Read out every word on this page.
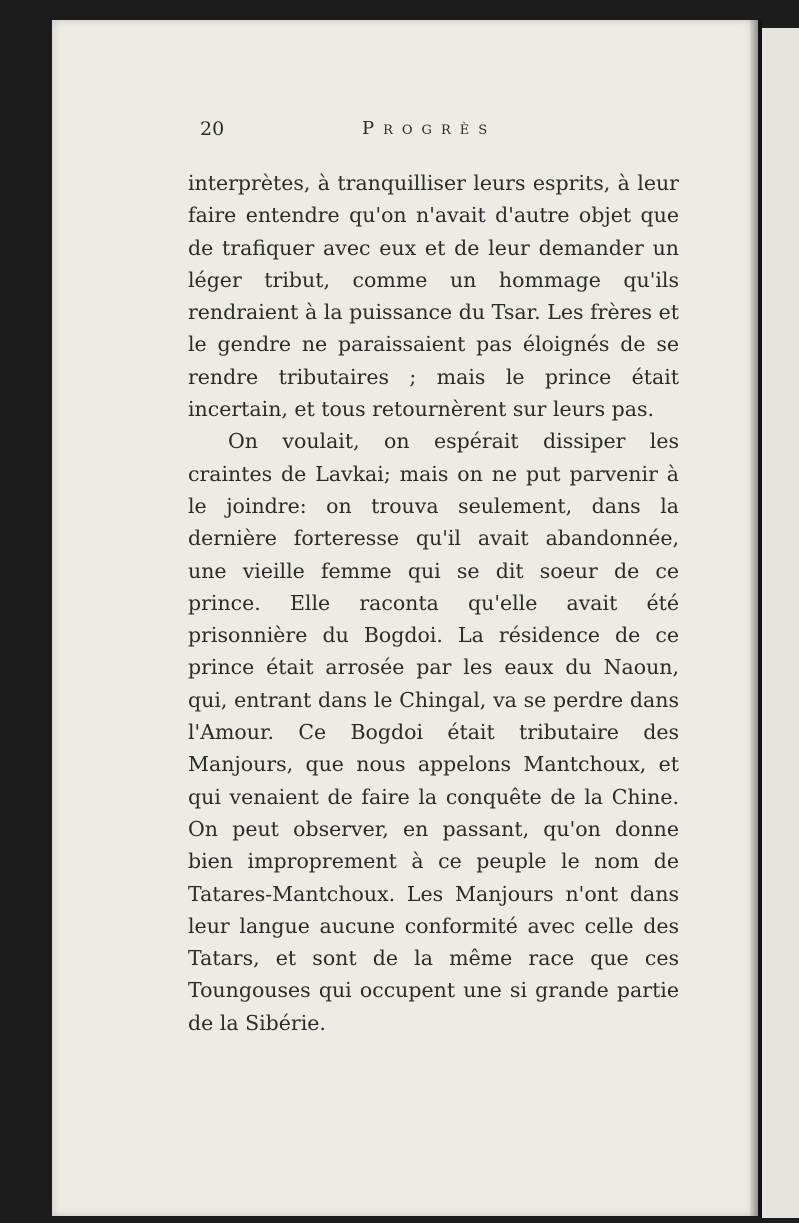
20	Progrès

interprètes, à tranquilliser leurs esprits, à leur faire entendre qu'on n'avait d'autre objet que de trafiquer avec eux et de leur demander un léger tribut, comme un hommage qu'ils rendraient à la puissance du Tsar. Les frères et le gendre ne paraissaient pas éloignés de se rendre tributaires ; mais le prince était incertain, et tous retournèrent sur leurs pas.

On voulait, on espérait dissiper les craintes de Lavkai; mais on ne put parvenir à le joindre: on trouva seulement, dans la dernière forteresse qu'il avait abandonnée, une vieille femme qui se dit soeur de ce prince. Elle raconta qu'elle avait été prisonnière du Bogdoi. La résidence de ce prince était arrosée par les eaux du Naoun, qui, entrant dans le Chingal, va se perdre dans l'Amour. Ce Bogdoi était tributaire des Manjours, que nous appelons Mantchoux, et qui venaient de faire la conquête de la Chine. On peut observer, en passant, qu'on donne bien improprement à ce peuple le nom de Tatares-Mantchoux. Les Manjours n'ont dans leur langue aucune conformité avec celle des Tatars, et sont de la même race que ces Toungouses qui occupent une si grande partie de la Sibérie.
